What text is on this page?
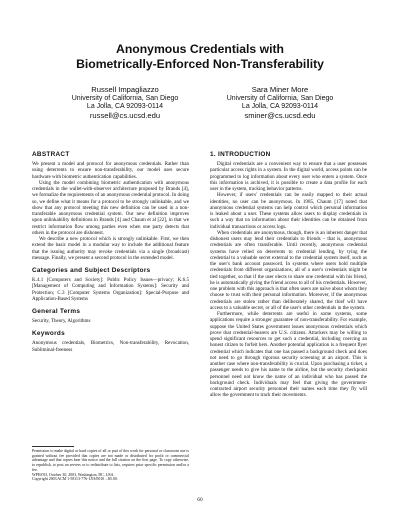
Anonymous Credentials with
Biometrically-Enforced Non-Transferability
Russell Impagliazzo
University of California, San Diego
La Jolla, CA 92093-0114
russell@cs.ucsd.edu
Sara Miner More
University of California, San Diego
La Jolla, CA 92093-0114
sminer@cs.ucsd.edu
ABSTRACT

We present a model and protocol for anonymous credentials. Rather than using deterrents to ensure non-transferability, our model uses secure hardware with biometric authentication capabilities.

Using the model combining biometric authentication with anonymous credentials in the wallet-with-observer architecture proposed by Brands [4], we formalize the requirements of an anonymous credential protocol. In doing so, we define what it means for a protocol to be strongly unlinkable, and we show that any protocol meeting this new definition can be used in a non-transferable anonymous credential system. Our new definition improves upon unlinkability definitions in Brands [4] and Chaum et al [22], in that we restrict information flow among parties even when one party detects that others in the protocol are dishonest.

We describe a new protocol which is strongly unlinkable. First, we then extend the basic model in a modular way to include the additional feature that the issuing authority may revoke credentials via a single (broadcast) message. Finally, we present a second protocol in the extended model.

Categories and Subject Descriptors

K.4.1 [Computers and Society]: Public Policy Issues—privacy; K.6.5 [Management of Computing and Information Systems]: Security and Protection; C.3 [Computer Systems Organization]: Special-Purpose and Application-Based Systems

General Terms

Security, Theory, Algorithms

Keywords

Anonymous credentials, Biometrics, Non-transferability, Revocation, Subliminal-freeness

Permission to make digital or hard copies of all or part of this work for personal or classroom use is granted without fee provided that copies are not made or distributed for profit or commercial advantage and that copies bear this notice and the full citation on the first page. To copy otherwise, to republish, to post on servers or to redistribute to lists, requires prior specific permission and/or a fee.
WPES'03, October 30, 2003, Washington, DC, USA.
Copyright 2003 ACM 1-58113-776-1/03/0010 ...$5.00.
1. INTRODUCTION

Digital credentials are a convenient way to ensure that a user possesses particular access rights in a system. In the digital world, access points can be programmed to log information about every user who enters a system. Once this information is archived, it is possible to create a data profile for each user in the system, tracking behavior patterns.

However, if users' credentials can be easily mapped to their actual identities, no user can be anonymous. In 1985, Chaum [17] noted that anonymous credential systems can help control which personal information is leaked about a user. These systems allow users to display credentials in such a way that no information about their identities can be obtained from individual transactions or access logs.

When credentials are anonymous, though, there is an inherent danger that dishonest users may lend their credentials to friends – that is, anonymous credentials are often transferable. Until recently, anonymous credential systems have relied on deterrents to credential lending, by tying the credential to a valuable secret external to the credential system itself, such as the user's bank account password. In systems where users hold multiple credentials from different organizations, all of a user's credentials might be tied together, so that if the user elects to share one credential with his friend, he is automatically giving the friend access to all of his credentials. However, one problem with this approach is that often users are naive about whom they choose to trust with their personal information. Moreover, if the anonymous credentials are stolen rather than deliberately shared, the thief will have access to a valuable secret, or all of the user's other credentials in the system.

Furthermore, while deterrents are useful in some systems, some applications require a stronger guarantee of non-transferability. For example, suppose the United States government issues anonymous credentials which prove that credential-bearers are U.S. citizens. Attackers may be willing to spend significant resources to get such a credential, including coercing an honest citizen to forfeit hers. Another potential application is a frequent flyer credential which indicates that one has passed a background check and does not need to go through rigorous security screening at an airport. This is another case where non-transferability is crucial. Upon purchasing a ticket, a passenger needs to give his name to the airline, but the security checkpoint personnel need not know the name of an individual who has passed the background check. Individuals may feel that giving the government-contracted airport security personnel their names each time they fly will allow the government to track their movements.

60
